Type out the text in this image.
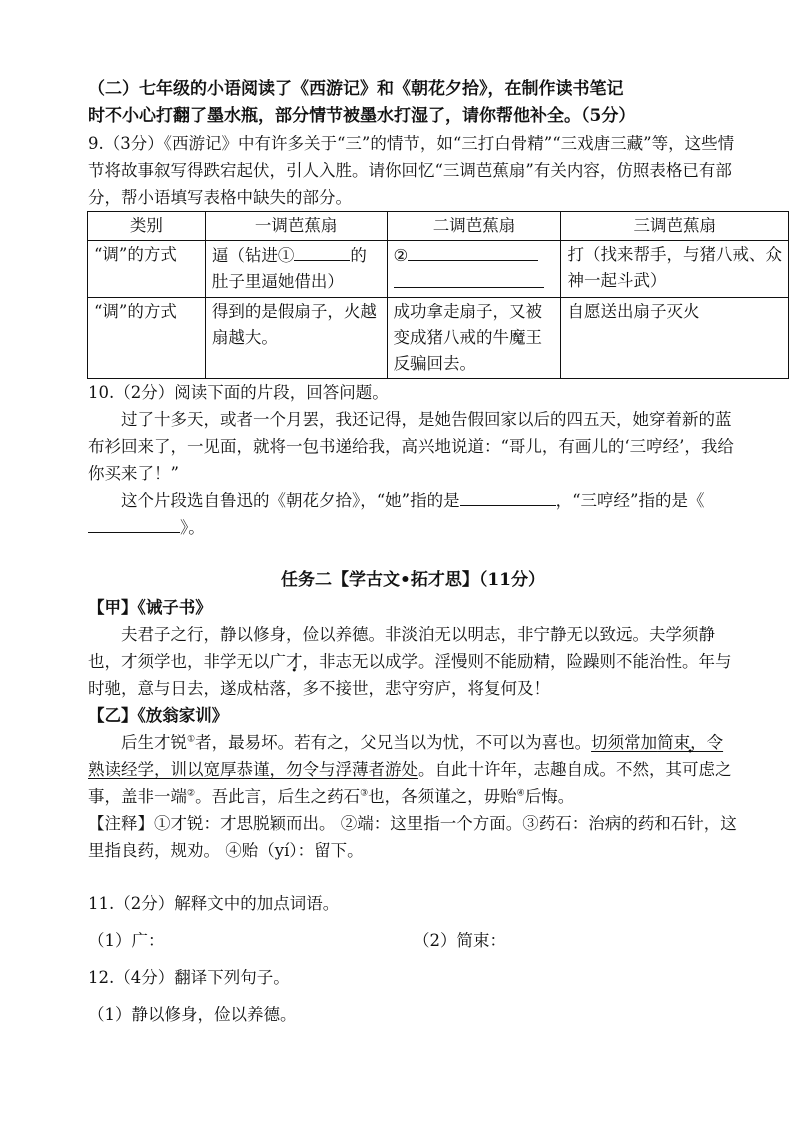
（二）七年级的小语阅读了《西游记》和《朝花夕拾》，在制作读书笔记

时不小心打翻了墨水瓶，部分情节被墨水打湿了，请你帮他补全。（5分）

9.（3分）《西游记》中有许多关于“三”的情节，如“三打白骨精”“三戏唐三藏”等，这些情节将故事叙写得跌宕起伏，引人入胜。请你回忆“三调芭蕉扇”有关内容，仿照表格已有部分，帮小语填写表格中缺失的部分。

类别	一调芭蕉扇	二调芭蕉扇	三调芭蕉扇
“调”的方式	逼（钻进① 的肚子里逼她借出）	②	打（找来帮手，与猪八戒、众神一起斗武）
“调”的方式	得到的是假扇子，火越扇越大。	成功拿走扇子，又被变成猪八戒的牛魔王反骗回去。	自愿送出扇子灭火

10.（2分）阅读下面的片段，回答问题。

过了十多天，或者一个月罢，我还记得，是她告假回家以后的四五天，她穿着新的蓝布衫回来了，一见面，就将一包书递给我，高兴地说道：“哥儿，有画儿的‘三哼经’，我给你买来了！”

这个片段选自鲁迅的《朝花夕拾》，“她”指的是	，“三哼经”指的是《》。

任务二【学古文•拓才思】（11分）

【甲】《诫子书》

夫君子之行，静以修身，俭以养德。非淡泊无以明志，非宁静无以致远。夫学须静也，才须学也，非学无以广才，非志无以成学。淫慢则不能励精，险躁则不能治性。年与时驰，意与日去，遂成枯落，多不接世，悲守穷庐，将复何及！

【乙】《放翁家训》

后生才锐①者，最易坏。若有之，父兄当以为忧，不可以为喜也。切须常加简束，令熟读经学，训以宽厚恭谨，勿令与浮薄者游处。自此十许年，志趣自成。不然，其可虑之事，盖非一端②。吾此言，后生之药石③也，各须谨之，毋贻④后悔。

【注释】①才锐：才思脱颖而出。 ②端：这里指一个方面。③药石：治病的药和石针，这里指良药，规劝。 ④贻（yí）：留下。

11.（2分）解释文中的加点词语。

（1）广：	（2）简束：

12.（4分）翻译下列句子。

（1）静以修身，俭以养德。
